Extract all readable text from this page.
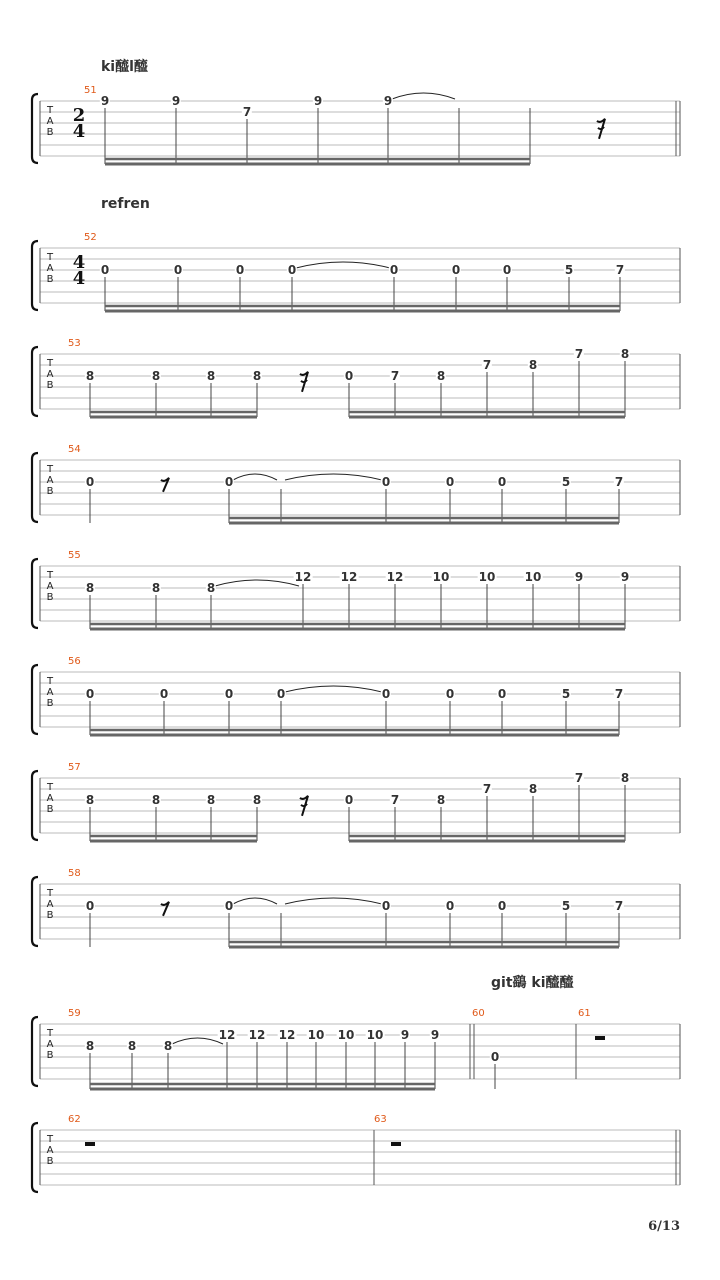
ki醯l醯
refren
git鷂 ki醯醯
T
A
B
2
4
51
9	9
7
9	9
T
A
B
4
4
52
0	0	0	0	0	0	0	5	7
T
A
B
53
8	8	8	8	0	7	8
7	8
7	8
T
A
B
54
0	0	0	0	0	5	7
T
A
B
55
8	8	8
12 12 12 10 10 10	9	9
T
A
B
56
0	0	0	0	0	0	0	5	7
T
A
B
57
8	8	8	8	0	7	8
7	8
7	8
T
A
B
58
0	0	0	0	0	5	7
T
A
B
59
8	8 8
12 12 12 10 10 10 9 9
60
0
61
T
A
B
62	63
6/13
